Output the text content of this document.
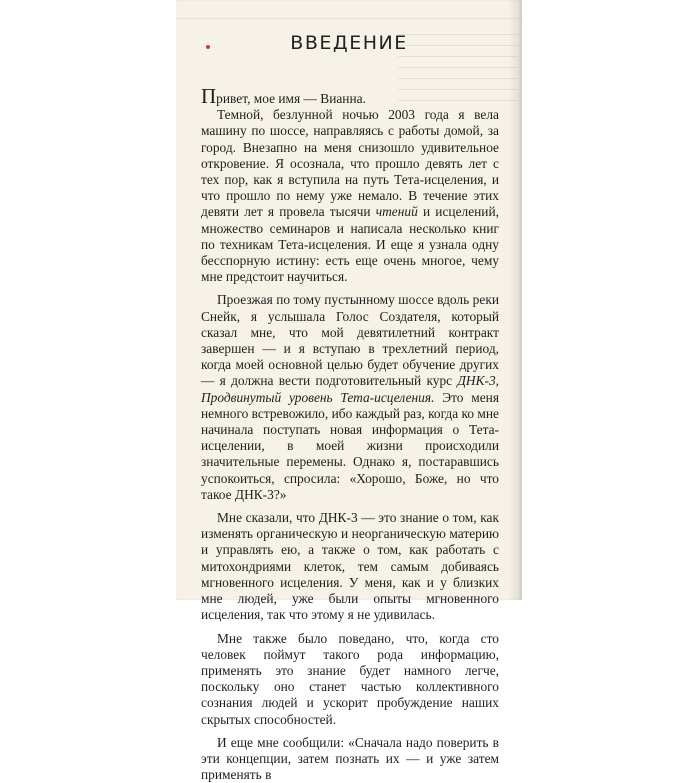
ВВЕДЕНИЕ

Привет, мое имя — Вианна.

Темной, безлунной ночью 2003 года я вела машину по шоссе, направляясь с работы домой, за город. Внезапно на меня снизошло удивительное откровение. Я осознала, что прошло девять лет с тех пор, как я вступила на путь Тета-исцеления, и что прошло по нему уже немало. В течение этих девяти лет я провела тысячи чтений и исцелений, множество семинаров и написала несколько книг по техникам Тета-исцеления. И еще я узнала одну бесспорную истину: есть еще очень многое, чему мне предстоит научиться.

Проезжая по тому пустынному шоссе вдоль реки Снейк, я услышала Голос Создателя, который сказал мне, что мой девятилетний контракт завершен — и я вступаю в трехлетний период, когда моей основной целью будет обучение других — я должна вести подготовительный курс ДНК-3, Продвинутый уровень Тета-исцеления. Это меня немного встревожило, ибо каждый раз, когда ко мне начинала поступать новая информация о Тета-исцелении, в моей жизни происходили значительные перемены. Однако я, постаравшись успокоиться, спросила: «Хорошо, Боже, но что такое ДНК-3?»

Мне сказали, что ДНК-3 — это знание о том, как изменять органическую и неорганическую материю и управлять ею, а также о том, как работать с митохондриями клеток, тем самым добиваясь мгновенного исцеления. У меня, как и у близких мне людей, уже были опыты мгновенного исцеления, так что этому я не удивилась.

Мне также было поведано, что, когда сто человек поймут такого рода информацию, применять это знание будет намного легче, поскольку оно станет частью коллективного сознания людей и ускорит пробуждение наших скрытых способностей.

И еще мне сообщили: «Сначала надо поверить в эти концепции, затем познать их — и уже затем применять в
